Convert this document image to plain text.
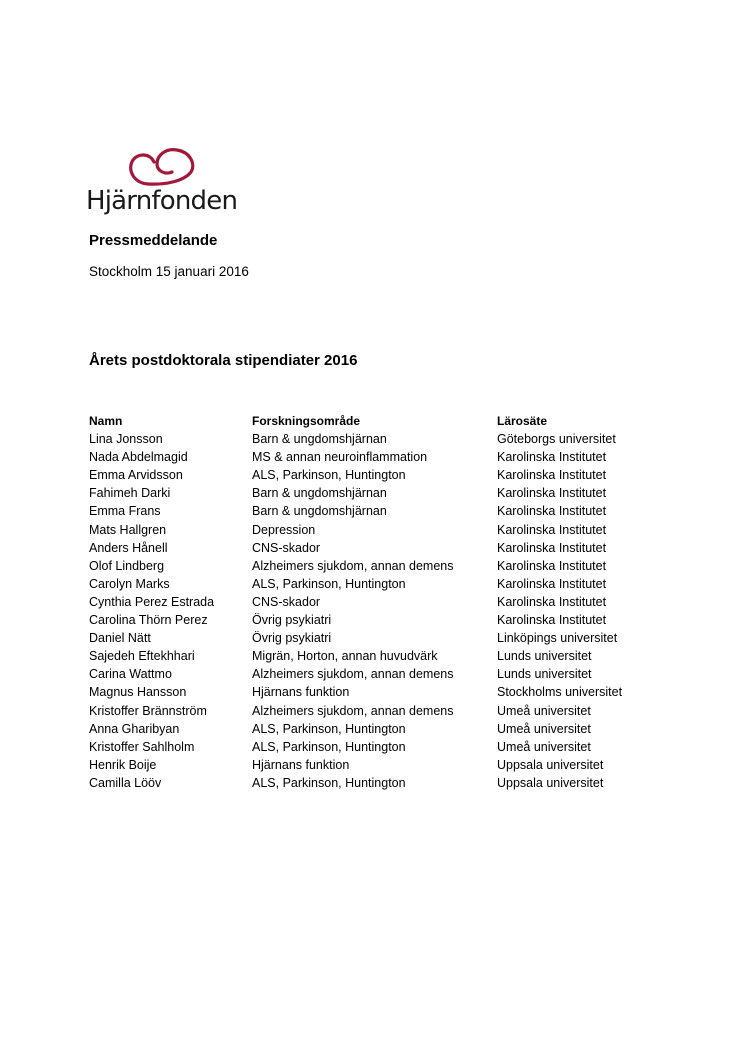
Hjärnfonden
Pressmeddelande
Stockholm 15 januari 2016
Årets postdoktorala stipendiater 2016
Namn	Forskningsområde	Lärosäte
Lina Jonsson	Barn & ungdomshjärnan	Göteborgs universitet
Nada Abdelmagid	MS & annan neuroinflammation	Karolinska Institutet
Emma Arvidsson	ALS, Parkinson, Huntington	Karolinska Institutet
Fahimeh Darki	Barn & ungdomshjärnan	Karolinska Institutet
Emma Frans	Barn & ungdomshjärnan	Karolinska Institutet
Mats Hallgren	Depression	Karolinska Institutet
Anders Hånell	CNS-skador	Karolinska Institutet
Olof Lindberg	Alzheimers sjukdom, annan demens	Karolinska Institutet
Carolyn Marks	ALS, Parkinson, Huntington	Karolinska Institutet
Cynthia Perez Estrada	CNS-skador	Karolinska Institutet
Carolina Thörn Perez	Övrig psykiatri	Karolinska Institutet
Daniel Nätt	Övrig psykiatri	Linköpings universitet
Sajedeh Eftekhhari	Migrän, Horton, annan huvudvärk	Lunds universitet
Carina Wattmo	Alzheimers sjukdom, annan demens	Lunds universitet
Magnus Hansson	Hjärnans funktion	Stockholms universitet
Kristoffer Brännström	Alzheimers sjukdom, annan demens	Umeå universitet
Anna Gharibyan	ALS, Parkinson, Huntington	Umeå universitet
Kristoffer Sahlholm	ALS, Parkinson, Huntington	Umeå universitet
Henrik Boije	Hjärnans funktion	Uppsala universitet
Camilla Lööv	ALS, Parkinson, Huntington	Uppsala universitet
